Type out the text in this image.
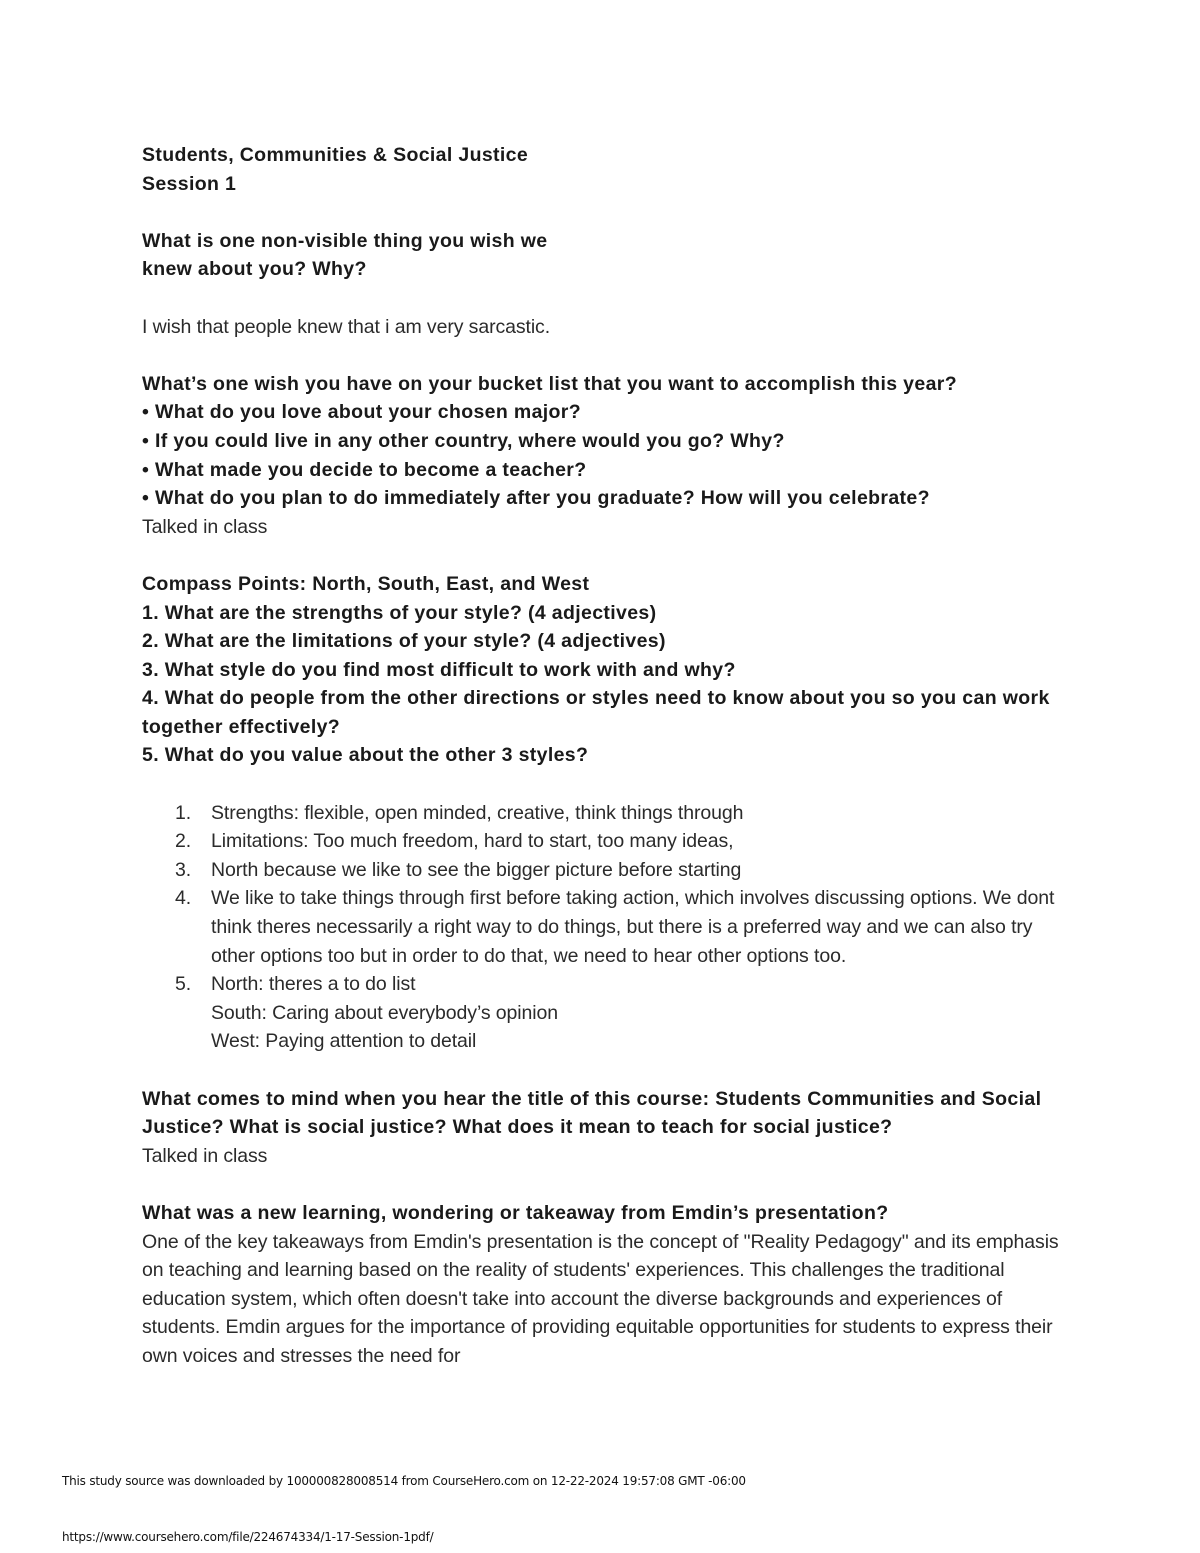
Students, Communities & Social Justice
Session 1
What is one non-visible thing you wish we
knew about you? Why?
I wish that people knew that i am very sarcastic.
What’s one wish you have on your bucket list that you want to accomplish this year?
• What do you love about your chosen major?
• If you could live in any other country, where would you go? Why?
• What made you decide to become a teacher?
• What do you plan to do immediately after you graduate? How will you celebrate?
Talked in class
Compass Points: North, South, East, and West
1. What are the strengths of your style? (4 adjectives)
2. What are the limitations of your style? (4 adjectives)
3. What style do you find most difficult to work with and why?
4. What do people from the other directions or styles need to know about you so you can work together effectively?
5. What do you value about the other 3 styles?
1. Strengths: flexible, open minded, creative, think things through
2. Limitations: Too much freedom, hard to start, too many ideas,
3. North because we like to see the bigger picture before starting
4. We like to take things through first before taking action, which involves discussing options. We dont think theres necessarily a right way to do things, but there is a preferred way and we can also try other options too but in order to do that, we need to hear other options too.
5. North: theres a to do list
South: Caring about everybody’s opinion
West: Paying attention to detail
What comes to mind when you hear the title of this course: Students Communities and Social Justice? What is social justice? What does it mean to teach for social justice?
Talked in class
What was a new learning, wondering or takeaway from Emdin’s presentation?
One of the key takeaways from Emdin's presentation is the concept of "Reality Pedagogy" and its emphasis on teaching and learning based on the reality of students' experiences. This challenges the traditional education system, which often doesn't take into account the diverse backgrounds and experiences of students. Emdin argues for the importance of providing equitable opportunities for students to express their own voices and stresses the need for
This study source was downloaded by 100000828008514 from CourseHero.com on 12-22-2024 19:57:08 GMT -06:00
https://www.coursehero.com/file/224674334/1-17-Session-1pdf/
